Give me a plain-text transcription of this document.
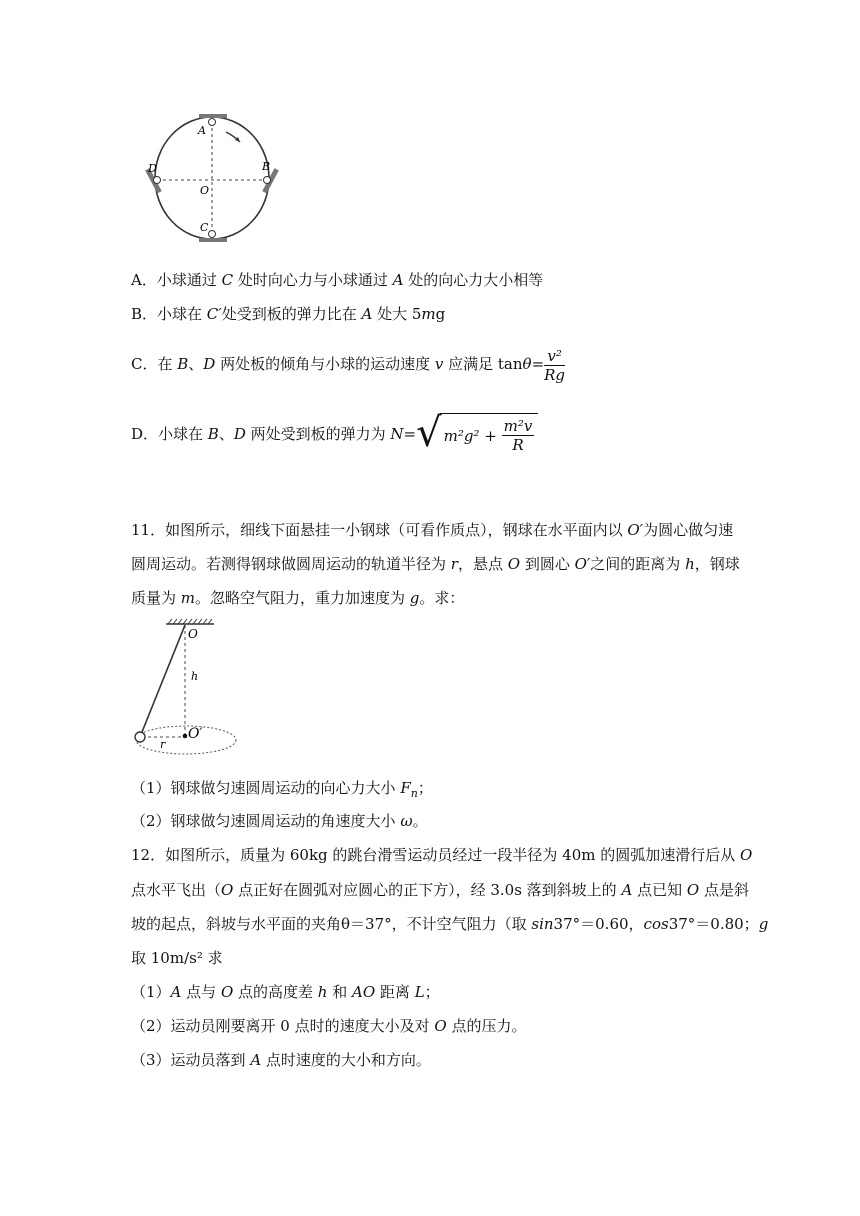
A
B
C
D
O
A．小球通过 C 处时向心力与小球通过 A 处的向心力大小相等
B．小球在 C′处受到板的弹力比在 A 处大 5mg
C．在 B、D 两处板的倾角与小球的运动速度 v 应满足 $\tan\theta= \frac{\text{v²}}{Rg}$
D．小球在 B、D 两处受到板的弹力为 N= √ m²g²
+
$\frac{\text{m²v}}{R}$
11．如图所示，细线下面悬挂一小钢球（可看作质点），钢球在水平面内以 O′为圆心做匀速
圆周运动。若测得钢球做圆周运动的轨道半径为 r，悬点 O 到圆心 O′之间的距离为 h，钢球
质量为 m。忽略空气阻力，重力加速度为 g。求：
O
h
r
O′
（1）钢球做匀速圆周运动的向心力大小 $F_n$；
（2）钢球做匀速圆周运动的角速度大小 ω。
12．如图所示，质量为 60kg 的跳台滑雪运动员经过一段半径为 40m 的圆弧加速滑行后从 O
点水平飞出（O 点正好在圆弧对应圆心的正下方），经 3.0s 落到斜坡上的 A 点已知 O 点是斜
坡的起点，斜坡与水平面的夹角θ＝37°，不计空气阻力（取 sin37°＝0.60，cos37°＝0.80；g
取 10m/s² 求
（1）A 点与 O 点的高度差 h 和 AO 距离 L；
（2）运动员刚要离开 0 点时的速度大小及对 O 点的压力。
（3）运动员落到 A 点时速度的大小和方向。
